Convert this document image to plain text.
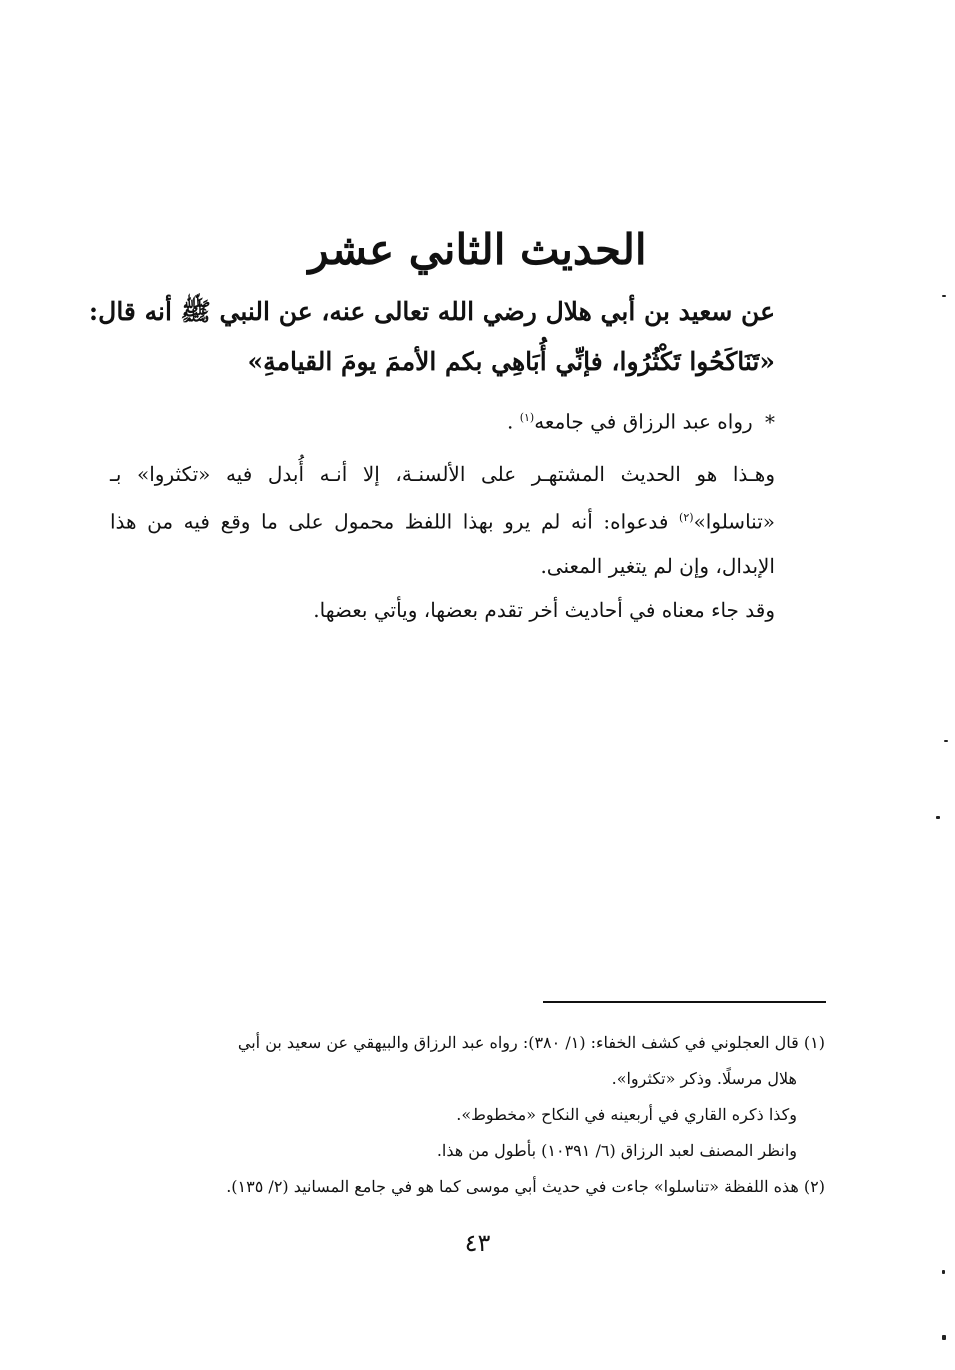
الحديث الثاني عشر
عن سعيد بن أبي هلال رضي الله تعالى عنه، عن النبي ﷺ أنه قال:
«تَنَاكَحُوا تَكْثُرُوا، فإنِّي أُبَاهِي بكم الأممَ يومَ القيامةِ»
* رواه عبد الرزاق في جامعه$^{(١)}$ .
وهـذا هو الحديث المشتهـر على الألسنـة، إلا أنـه أُبدل فيه «تكثروا» بـ «تناسلوا»$^{(٢)}$ فدعواه: أنه لم يرو بهذا اللفظ محمول على ما وقع فيه من هذا الإبدال، وإن لم يتغير المعنى.
وقد جاء معناه في أحاديث أخر تقدم بعضها، ويأتي بعضها.

(١) قال العجلوني في كشف الخفاء: (١/ ٣٨٠): رواه عبد الرزاق والبيهقي عن سعيد بن أبي

هلال مرسلًا. وذكر «تكثروا».

وكذا ذكره القاري في أربعينه في النكاح «مخطوط».

وانظر المصنف لعبد الرزاق (٦/ ١٠٣٩١) بأطول من هذا.

(٢) هذه اللفظة «تناسلوا» جاءت في حديث أبي موسى كما هو في جامع المسانيد (٢/ ١٣٥).

٤٣
